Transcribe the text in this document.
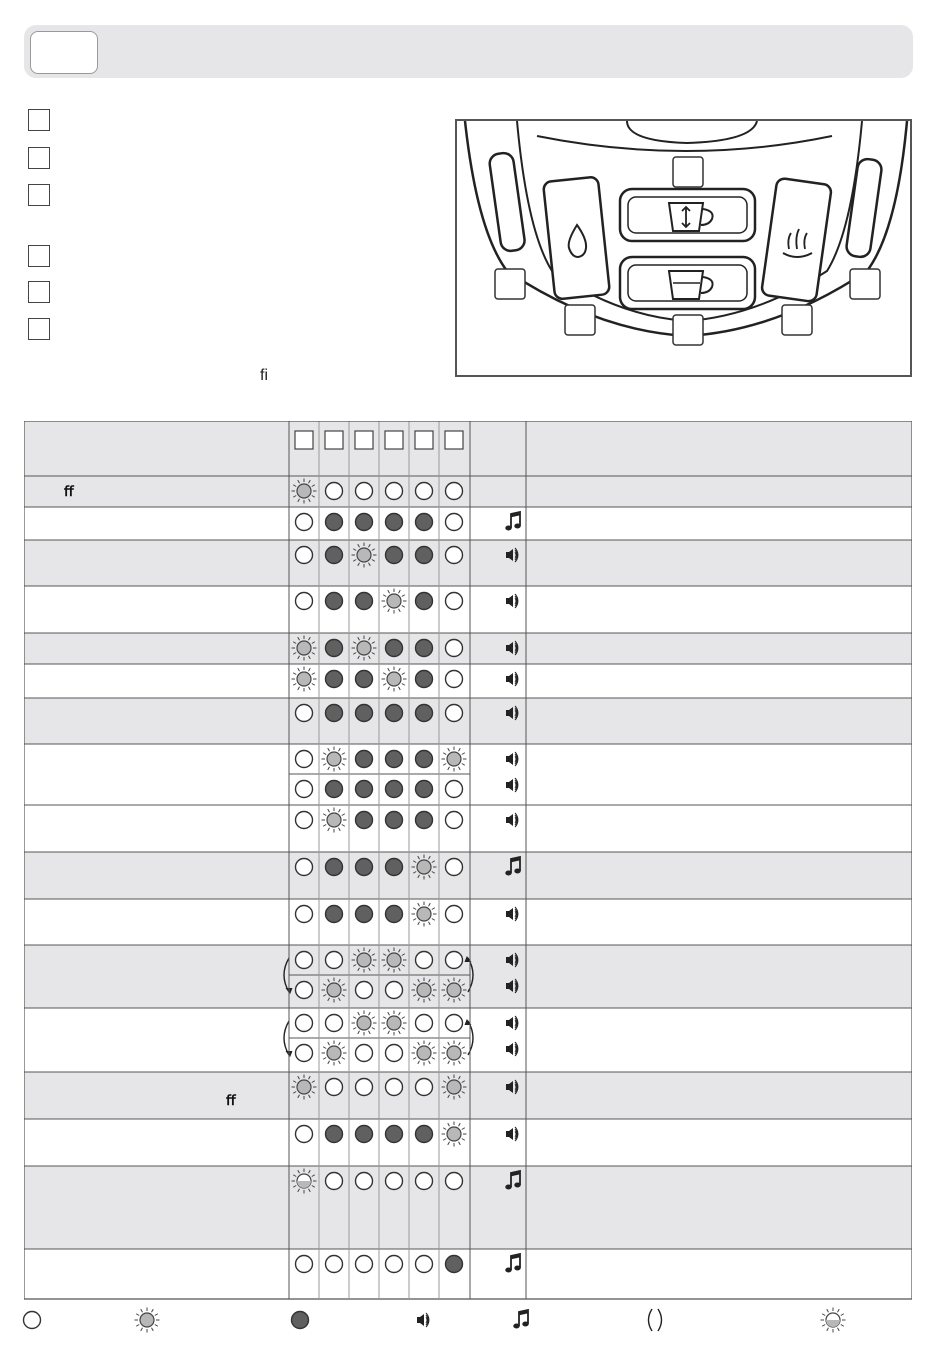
ﬁ
ﬀ
ﬀ
